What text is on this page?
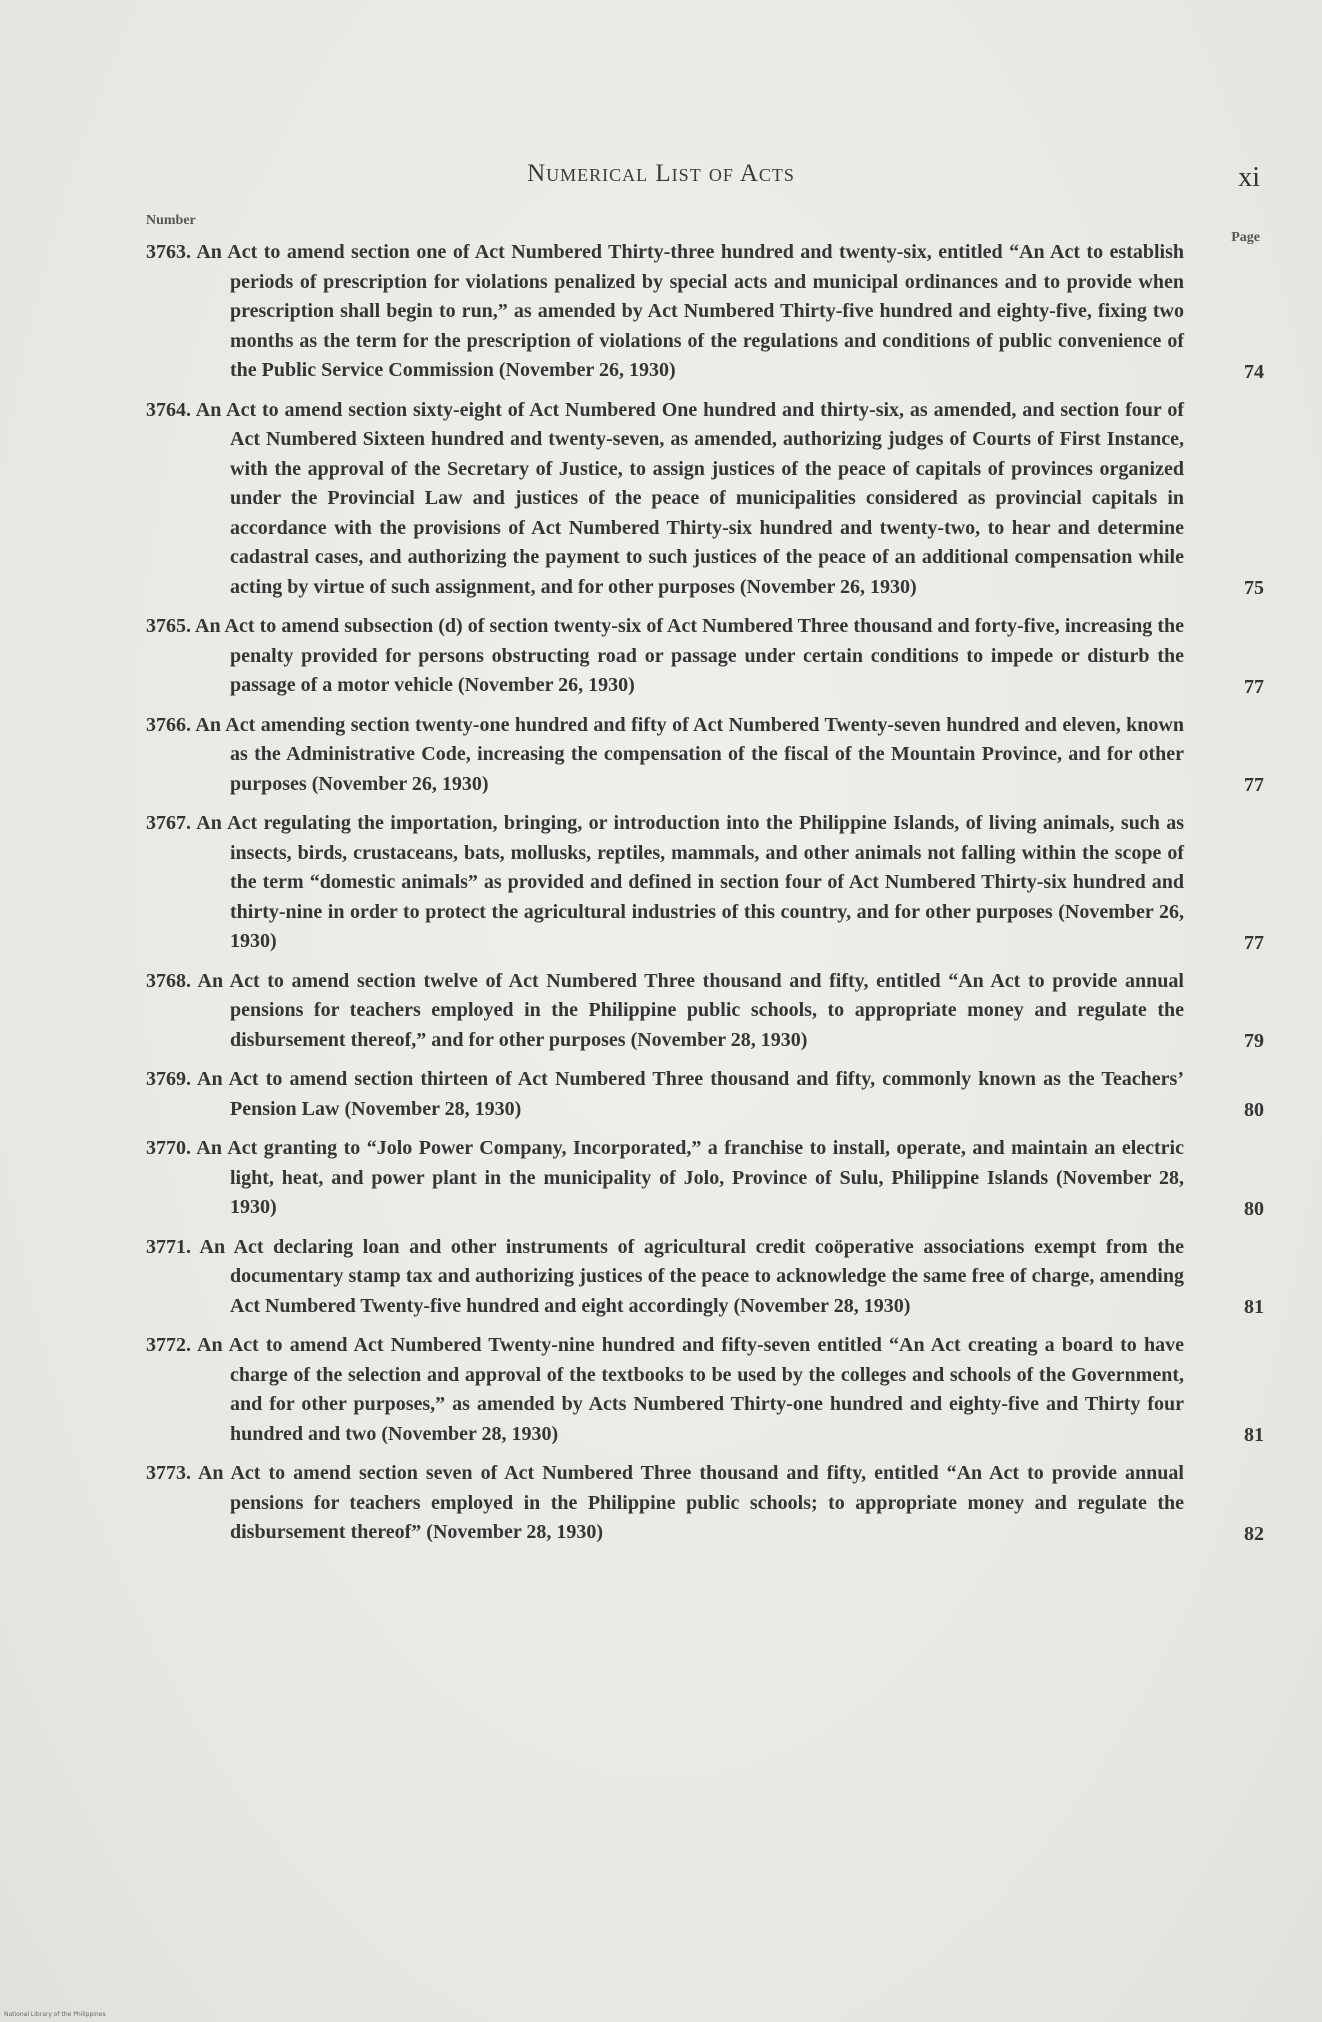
Numerical List of Acts	xi
Number
Page
3763. An Act to amend section one of Act Numbered Thirty-three hundred and twenty-six, entitled “An Act to establish periods of prescription for violations penalized by special acts and municipal ordinances and to provide when prescription shall begin to run,” as amended by Act Numbered Thirty-five hundred and eighty-five, fixing two months as the term for the prescription of violations of the regulations and conditions of public convenience of the Public Service Commission (November 26, 1930)	74
3764. An Act to amend section sixty-eight of Act Numbered One hundred and thirty-six, as amended, and section four of Act Numbered Sixteen hundred and twenty-seven, as amended, authorizing judges of Courts of First Instance, with the approval of the Secretary of Justice, to assign justices of the peace of capitals of provinces organized under the Provincial Law and justices of the peace of municipalities considered as provincial capitals in accordance with the provisions of Act Numbered Thirty-six hundred and twenty-two, to hear and determine cadastral cases, and authorizing the payment to such justices of the peace of an additional compensation while acting by virtue of such assignment, and for other purposes (November 26, 1930)	75
3765. An Act to amend subsection (d) of section twenty-six of Act Numbered Three thousand and forty-five, increasing the penalty provided for persons obstructing road or passage under certain conditions to impede or disturb the passage of a motor vehicle (November 26, 1930)	77
3766. An Act amending section twenty-one hundred and fifty of Act Numbered Twenty-seven hundred and eleven, known as the Administrative Code, increasing the compensation of the fiscal of the Mountain Province, and for other purposes (November 26, 1930)	77
3767. An Act regulating the importation, bringing, or introduction into the Philippine Islands, of living animals, such as insects, birds, crustaceans, bats, mollusks, reptiles, mammals, and other animals not falling within the scope of the term “domestic animals” as provided and defined in section four of Act Numbered Thirty-six hundred and thirty-nine in order to protect the agricultural industries of this country, and for other purposes (November 26, 1930)	77
3768. An Act to amend section twelve of Act Numbered Three thousand and fifty, entitled “An Act to provide annual pensions for teachers employed in the Philippine public schools, to appropriate money and regulate the disbursement thereof,” and for other purposes (November 28, 1930)	79
3769. An Act to amend section thirteen of Act Numbered Three thousand and fifty, commonly known as the Teachers’ Pension Law (November 28, 1930)	80
3770. An Act granting to “Jolo Power Company, Incorporated,” a franchise to install, operate, and maintain an electric light, heat, and power plant in the municipality of Jolo, Province of Sulu, Philippine Islands (November 28, 1930)	80
3771. An Act declaring loan and other instruments of agricultural credit coöperative associations exempt from the documentary stamp tax and authorizing justices of the peace to acknowledge the same free of charge, amending Act Numbered Twenty-five hundred and eight accordingly (November 28, 1930)	81
3772. An Act to amend Act Numbered Twenty-nine hundred and fifty-seven entitled “An Act creating a board to have charge of the selection and approval of the textbooks to be used by the colleges and schools of the Government, and for other purposes,” as amended by Acts Numbered Thirty-one hundred and eighty-five and Thirty four hundred and two (November 28, 1930)	81
3773. An Act to amend section seven of Act Numbered Three thousand and fifty, entitled “An Act to provide annual pensions for teachers employed in the Philippine public schools; to appropriate money and regulate the disbursement thereof” (November 28, 1930)	82
National Library of the Philippines
